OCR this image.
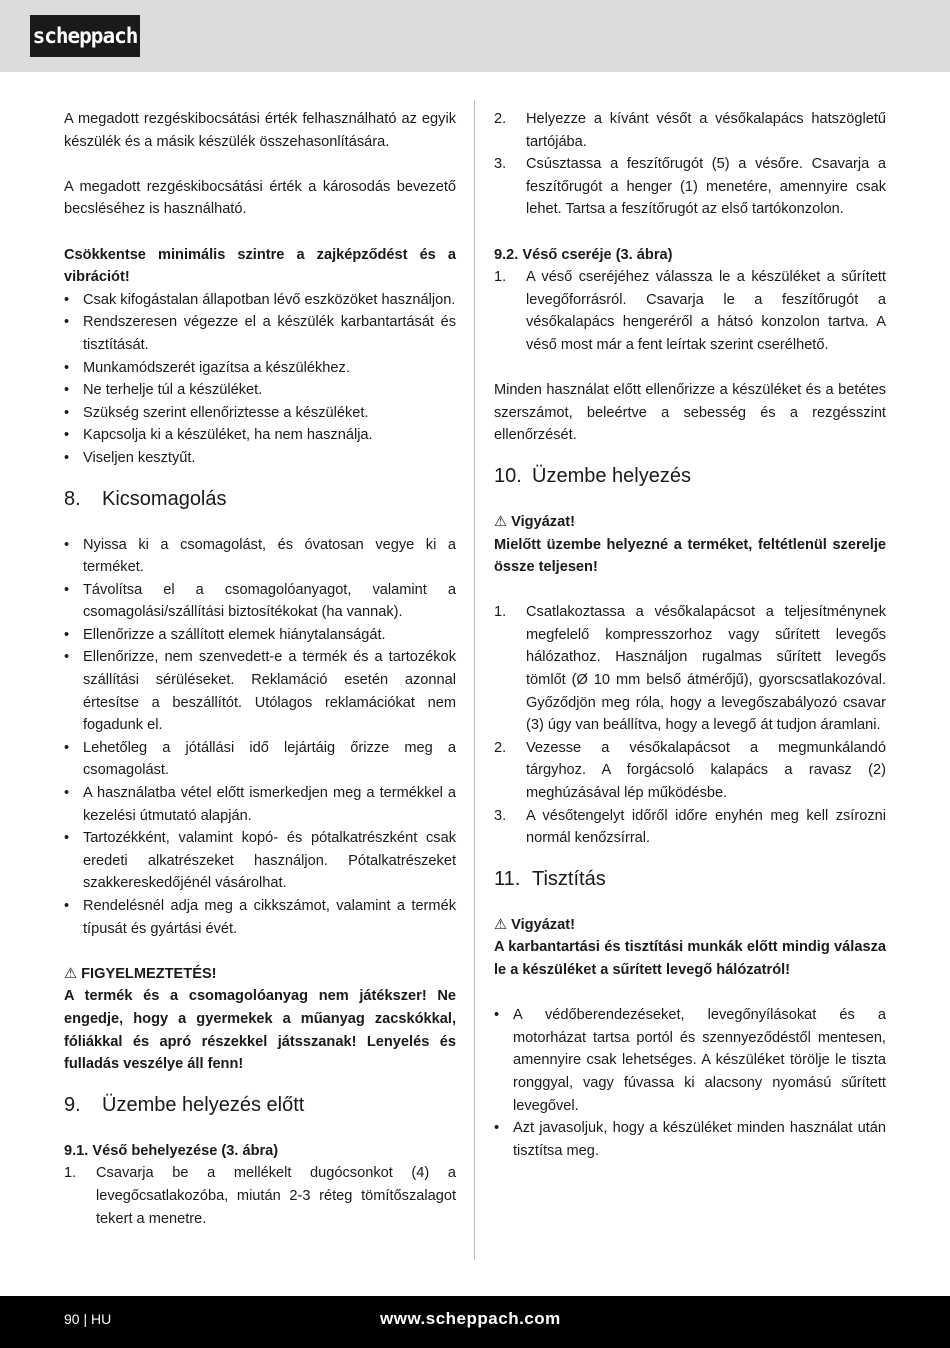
scheppach

A megadott rezgéskibocsátási érték felhasználható az egyik készülék és a másik készülék összehasonlítására.

A megadott rezgéskibocsátási érték a károsodás bevezető becsléséhez is használható.

Csökkentse minimális szintre a zajképződést és a vibrációt!

• Csak kifogástalan állapotban lévő eszközöket használjon.
• Rendszeresen végezze el a készülék karbantartását és tisztítását.
• Munkamódszerét igazítsa a készülékhez.
• Ne terhelje túl a készüléket.
• Szükség szerint ellenőriztesse a készüléket.
• Kapcsolja ki a készüléket, ha nem használja.
• Viseljen kesztyűt.
8. Kicsomagolás
• Nyissa ki a csomagolást, és óvatosan vegye ki a terméket.
• Távolítsa el a csomagolóanyagot, valamint a csomagolási/szállítási biztosítékokat (ha vannak).
• Ellenőrizze a szállított elemek hiánytalanságát.
• Ellenőrizze, nem szenvedett-e a termék és a tartozékok szállítási sérüléseket. Reklamáció esetén azonnal értesítse a beszállítót. Utólagos reklamációkat nem fogadunk el.
• Lehetőleg a jótállási idő lejártáig őrizze meg a csomagolást.
• A használatba vétel előtt ismerkedjen meg a termékkel a kezelési útmutató alapján.
• Tartozékként, valamint kopó- és pótalkatrészként csak eredeti alkatrészeket használjon. Pótalkatrészeket szakkereskedőjénél vásárolhat.
• Rendelésnél adja meg a cikkszámot, valamint a termék típusát és gyártási évét.

⚠ FIGYELMEZTETÉS!

A termék és a csomagolóanyag nem játékszer! Ne engedje, hogy a gyermekek a műanyag zacskókkal, fóliákkal és apró részekkel játsszanak! Lenyelés és fulladás veszélye áll fenn!

9. Üzembe helyezés előtt
9.1. Véső behelyezése (3. ábra)
1. Csavarja be a mellékelt dugócsonkot (4) a levegőcsatlakozóba, miután 2-3 réteg tömítőszalagot tekert a menetre.
2. Helyezze a kívánt vésőt a vésőkalapács hatszögletű tartójába.
3. Csúsztassa a feszítőrugót (5) a vésőre. Csavarja a feszítőrugót a henger (1) menetére, amennyire csak lehet. Tartsa a feszítőrugót az első tartókonzolon.
9.2. Véső cseréje (3. ábra)
1. A véső cseréjéhez válassza le a készüléket a sűrített levegőforrásról. Csavarja le a feszítőrugót a vésőkalapács hengeréről a hátsó konzolon tartva. A véső most már a fent leírtak szerint cserélhető.

Minden használat előtt ellenőrizze a készüléket és a betétes szerszámot, beleértve a sebesség és a rezgésszint ellenőrzését.

10. Üzembe helyezés

⚠ Vigyázat!

Mielőtt üzembe helyezné a terméket, feltétlenül szerelje össze teljesen!

1. Csatlakoztassa a vésőkalapácsot a teljesítménynek megfelelő kompresszorhoz vagy sűrített levegős hálózathoz. Használjon rugalmas sűrített levegős tömlőt (Ø 10 mm belső átmérőjű), gyorscsatlakozóval. Győződjön meg róla, hogy a levegőszabályozó csavar (3) úgy van beállítva, hogy a levegő át tudjon áramlani.
2. Vezesse a vésőkalapácsot a megmunkálandó tárgyhoz. A forgácsoló kalapács a ravasz (2) meghúzásával lép működésbe.
3. A vésőtengelyt időről időre enyhén meg kell zsírozni normál kenőzsírral.
11. Tisztítás

⚠ Vigyázat!

A karbantartási és tisztítási munkák előtt mindig válasza le a készüléket a sűrített levegő hálózatról!

• A védőberendezéseket, levegőnyílásokat és a motorházat tartsa portól és szennyeződéstől mentesen, amennyire csak lehetséges. A készüléket törölje le tiszta ronggyal, vagy fúvassa ki alacsony nyomású sűrített levegővel.
• Azt javasoljuk, hogy a készüléket minden használat után tisztítsa meg.
90 | HU	www.scheppach.com
